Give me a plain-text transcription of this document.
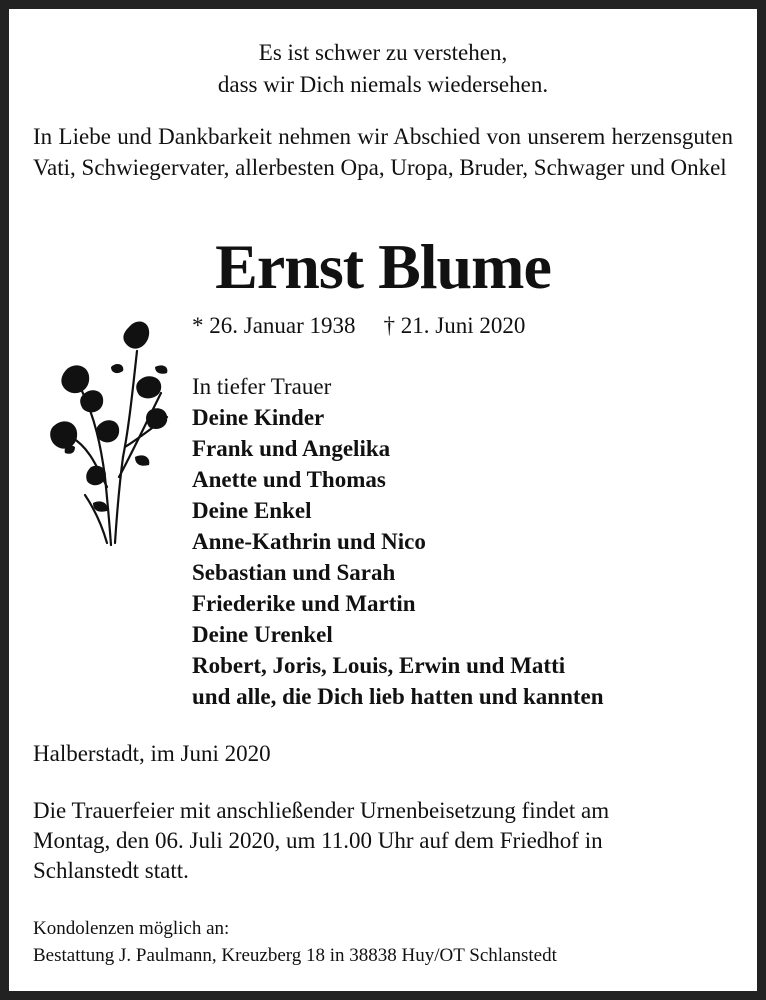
Es ist schwer zu verstehen,
dass wir Dich niemals wiedersehen.

In Liebe und Dankbarkeit nehmen wir Abschied von unserem herzensguten Vati, Schwiegervater, allerbesten Opa, Uropa, Bruder, Schwager und Onkel

Ernst Blume
* 26. Januar 1938 † 21. Juni 2020
In tiefer Trauer
Deine Kinder
Frank und Angelika
Anette und Thomas
Deine Enkel
Anne-Kathrin und Nico
Sebastian und Sarah
Friederike und Martin
Deine Urenkel
Robert, Joris, Louis, Erwin und Matti
und alle, die Dich lieb hatten und kannten
Halberstadt, im Juni 2020
Die Trauerfeier mit anschließender Urnenbeisetzung findet am
Montag, den 06. Juli 2020, um 11.00 Uhr auf dem Friedhof in
Schlanstedt statt.
Kondolenzen möglich an:
Bestattung J. Paulmann, Kreuzberg 18 in 38838 Huy/OT Schlanstedt
